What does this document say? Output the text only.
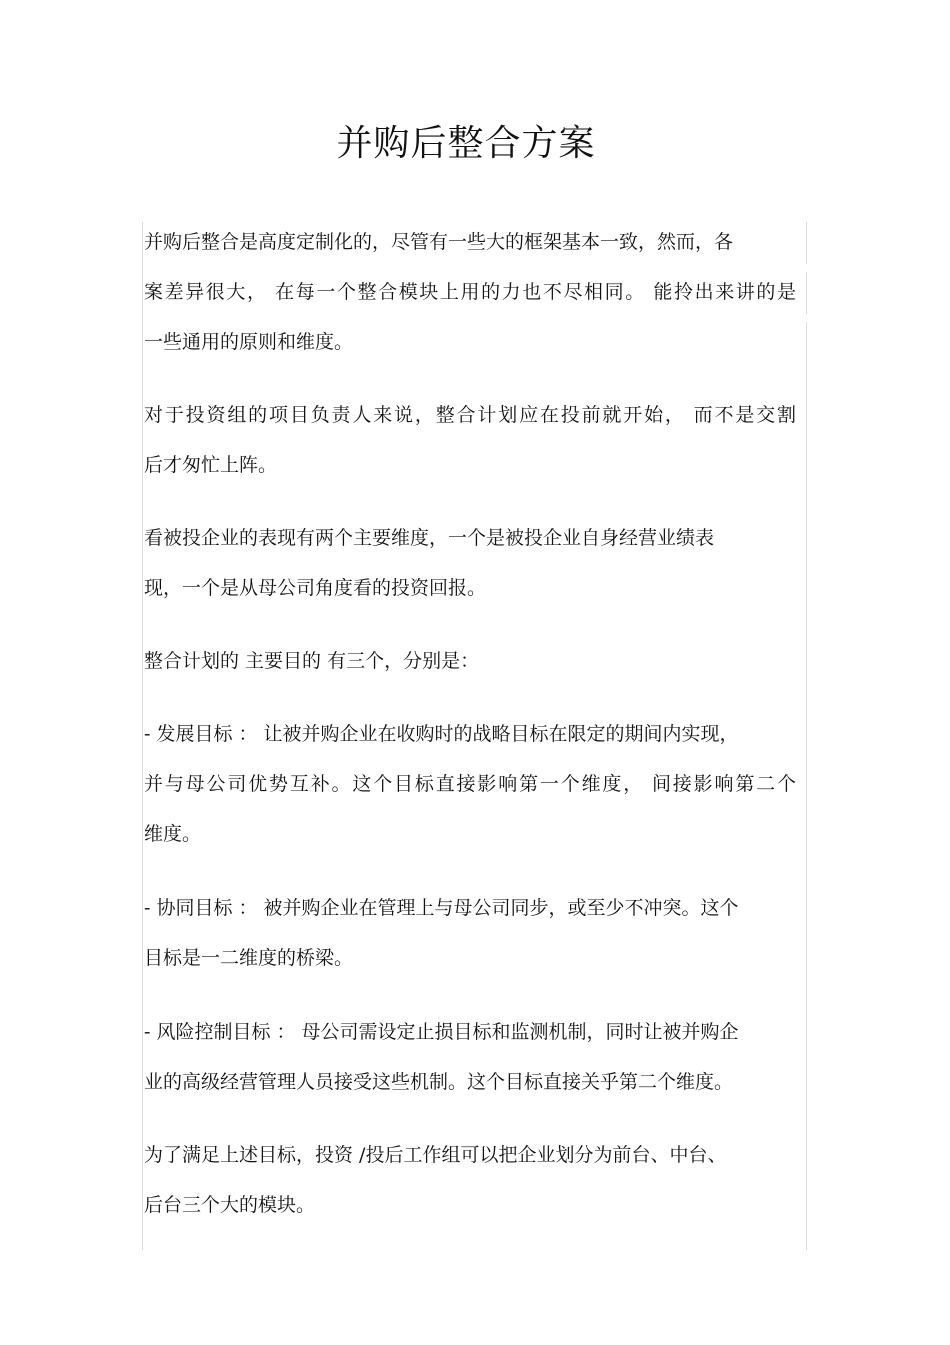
并购后整合方案

并购后整合是高度定制化的，尽管有一些大的框架基本一致，然而，各

案差异很大， 在每一个整合模块上用的力也不尽相同。 能拎出来讲的是

一些通用的原则和维度。

对于投资组的项目负责人来说，整合计划应在投前就开始， 而不是交割

后才匆忙上阵。

看被投企业的表现有两个主要维度，一个是被投企业自身经营业绩表

现，一个是从母公司角度看的投资回报。

整合计划的 主要目的 有三个，分别是：

- 发展目标 ： 让被并购企业在收购时的战略目标在限定的期间内实现，

并与母公司优势互补。这个目标直接影响第一个维度， 间接影响第二个

维度。

- 协同目标 ： 被并购企业在管理上与母公司同步，或至少不冲突。这个

目标是一二维度的桥梁。

- 风险控制目标 ： 母公司需设定止损目标和监测机制，同时让被并购企

业的高级经营管理人员接受这些机制。这个目标直接关乎第二个维度。

为了满足上述目标，投资 /投后工作组可以把企业划分为前台、中台、

后台三个大的模块。
